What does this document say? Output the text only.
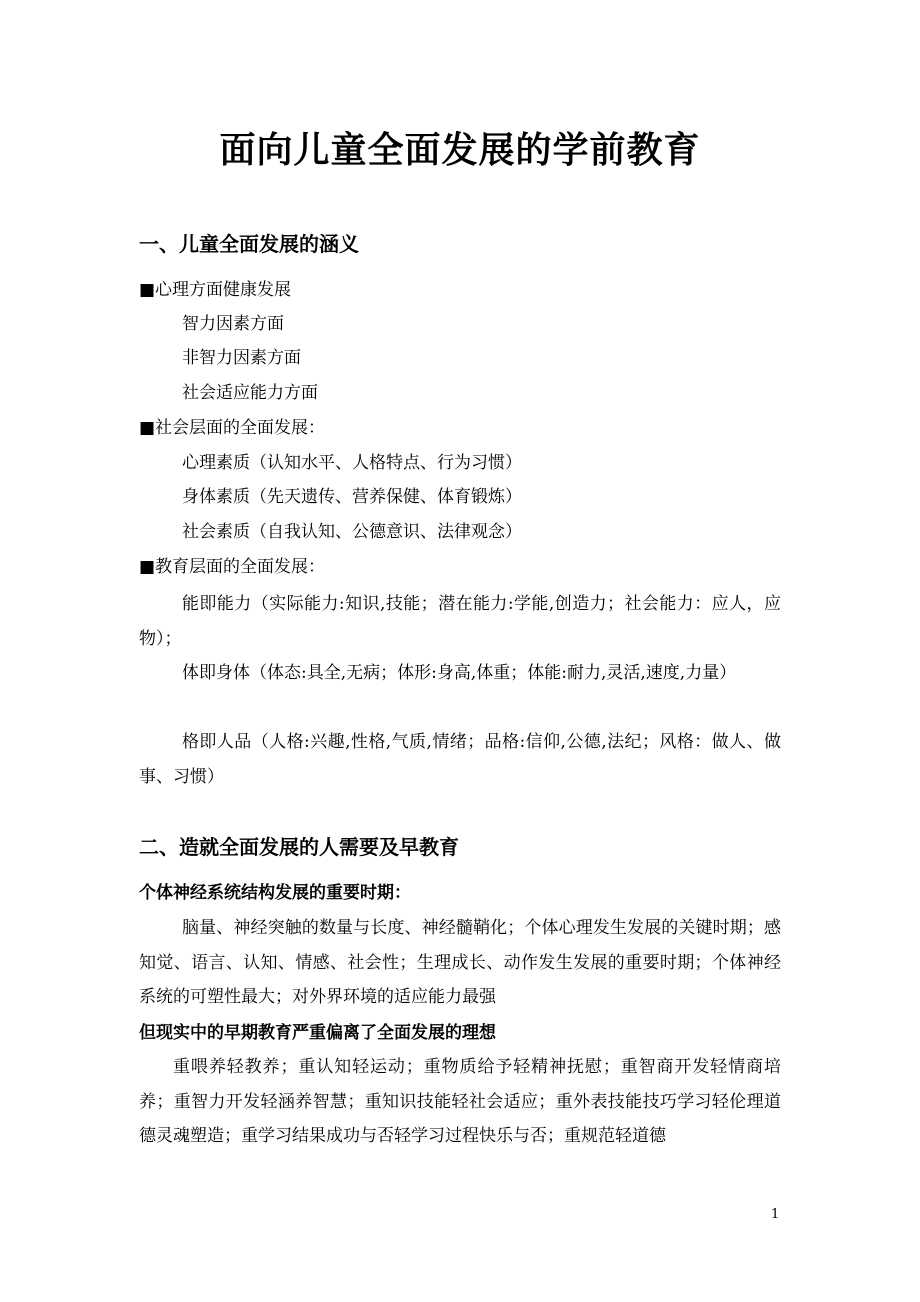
面向儿童全面发展的学前教育
一、儿童全面发展的涵义

■心理方面健康发展

智力因素方面

非智力因素方面

社会适应能力方面

■社会层面的全面发展：

心理素质（认知水平、人格特点、行为习惯）

身体素质（先天遗传、营养保健、体育锻炼）

社会素质（自我认知、公德意识、法律观念）

■教育层面的全面发展：

能即能力（实际能力:知识,技能；潜在能力:学能,创造力；社会能力：应人，应物）；

体即身体（体态:具全,无病；体形:身高,体重；体能:耐力,灵活,速度,力量）

格即人品（人格:兴趣,性格,气质,情绪；品格:信仰,公德,法纪；风格：做人、做事、习惯）

二、造就全面发展的人需要及早教育
个体神经系统结构发展的重要时期：

脑量、神经突触的数量与长度、神经髓鞘化；个体心理发生发展的关键时期；感知觉、语言、认知、情感、社会性；生理成长、动作发生发展的重要时期；个体神经系统的可塑性最大；对外界环境的适应能力最强

但现实中的早期教育严重偏离了全面发展的理想

重喂养轻教养；重认知轻运动；重物质给予轻精神抚慰；重智商开发轻情商培养；重智力开发轻涵养智慧；重知识技能轻社会适应；重外表技能技巧学习轻伦理道德灵魂塑造；重学习结果成功与否轻学习过程快乐与否；重规范轻道德

1
